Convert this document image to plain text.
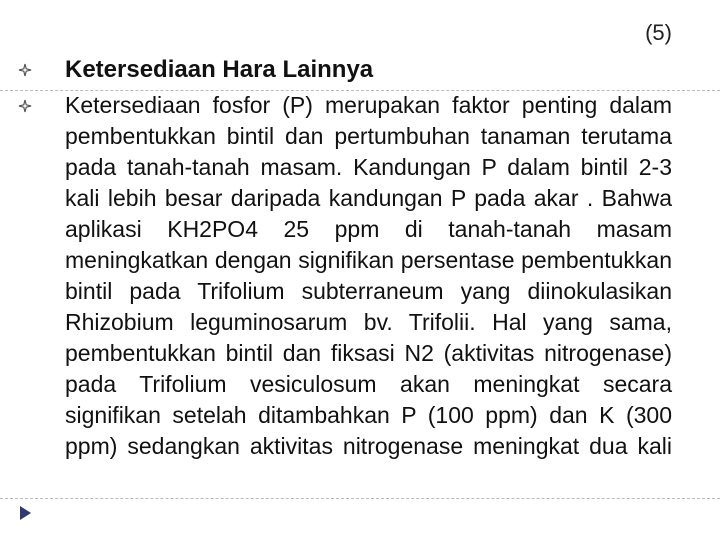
(5)
Ketersediaan Hara Lainnya
Ketersediaan fosfor (P) merupakan faktor penting dalam pembentukkan bintil dan pertumbuhan tanaman terutama pada tanah-tanah masam. Kandungan P dalam bintil 2-3 kali lebih besar daripada kandungan P pada akar . Bahwa aplikasi KH2PO4 25 ppm di tanah-tanah masam meningkatkan dengan signifikan persentase pembentukkan bintil pada Trifolium subterraneum yang diinokulasikan Rhizobium leguminosarum bv. Trifolii. Hal yang sama, pembentukkan bintil dan fiksasi N2 (aktivitas nitrogenase) pada Trifolium vesiculosum akan meningkat secara signifikan setelah ditambahkan P (100 ppm) dan K (300 ppm) sedangkan aktivitas nitrogenase meningkat dua kali
